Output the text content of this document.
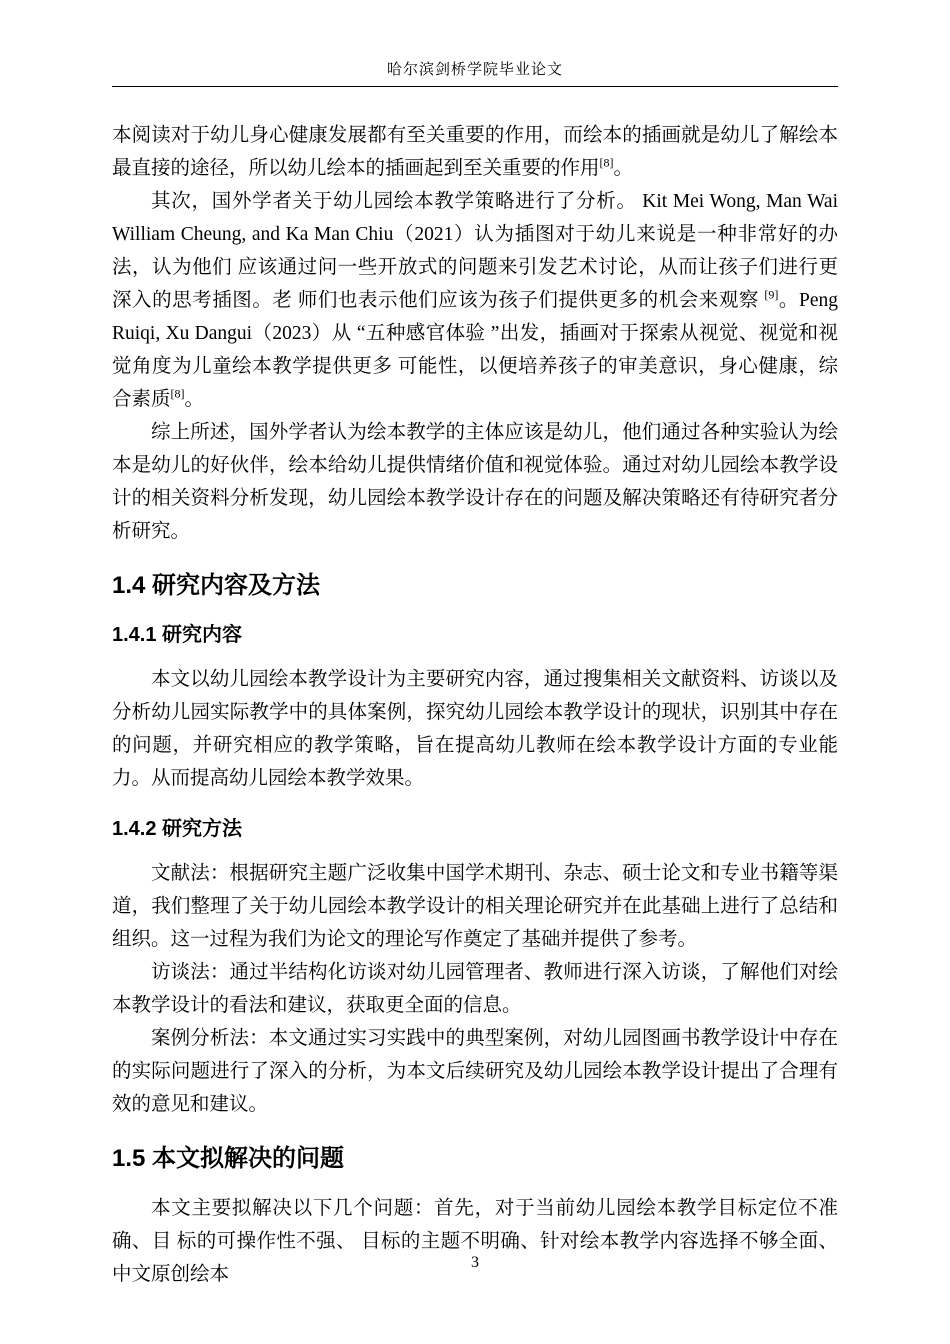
哈尔滨剑桥学院毕业论文

本阅读对于幼儿身心健康发展都有至关重要的作用，而绘本的插画就是幼儿了解绘本最直接的途径，所以幼儿绘本的插画起到至关重要的作用[8]。

其次，国外学者关于幼儿园绘本教学策略进行了分析。 Kit Mei Wong, Man Wai William Cheung, and Ka Man Chiu（2021）认为插图对于幼儿来说是一种非常好的办法，认为他们 应该通过问一些开放式的问题来引发艺术讨论，从而让孩子们进行更深入的思考插图。老 师们也表示他们应该为孩子们提供更多的机会来观察 [9]。Peng Ruiqi, Xu Dangui（2023）从 “五种感官体验 ”出发，插画对于探索从视觉、视觉和视觉角度为儿童绘本教学提供更多 可能性，以便培养孩子的审美意识，身心健康，综合素质[8]。

综上所述，国外学者认为绘本教学的主体应该是幼儿，他们通过各种实验认为绘本是幼儿的好伙伴，绘本给幼儿提供情绪价值和视觉体验。通过对幼儿园绘本教学设计的相关资料分析发现，幼儿园绘本教学设计存在的问题及解决策略还有待研究者分析研究。

1.4 研究内容及方法
1.4.1 研究内容

本文以幼儿园绘本教学设计为主要研究内容，通过搜集相关文献资料、访谈以及分析幼儿园实际教学中的具体案例，探究幼儿园绘本教学设计的现状，识别其中存在的问题，并研究相应的教学策略，旨在提高幼儿教师在绘本教学设计方面的专业能力。从而提高幼儿园绘本教学效果。

1.4.2 研究方法

文献法：根据研究主题广泛收集中国学术期刊、杂志、硕士论文和专业书籍等渠道，我们整理了关于幼儿园绘本教学设计的相关理论研究并在此基础上进行了总结和组织。这一过程为我们为论文的理论写作奠定了基础并提供了参考。

访谈法：通过半结构化访谈对幼儿园管理者、教师进行深入访谈，了解他们对绘本教学设计的看法和建议，获取更全面的信息。

案例分析法：本文通过实习实践中的典型案例，对幼儿园图画书教学设计中存在的实际问题进行了深入的分析，为本文后续研究及幼儿园绘本教学设计提出了合理有效的意见和建议。

1.5 本文拟解决的问题

本文主要拟解决以下几个问题：首先，对于当前幼儿园绘本教学目标定位不准确、目 标的可操作性不强、 目标的主题不明确、针对绘本教学内容选择不够全面、中文原创绘本

3
